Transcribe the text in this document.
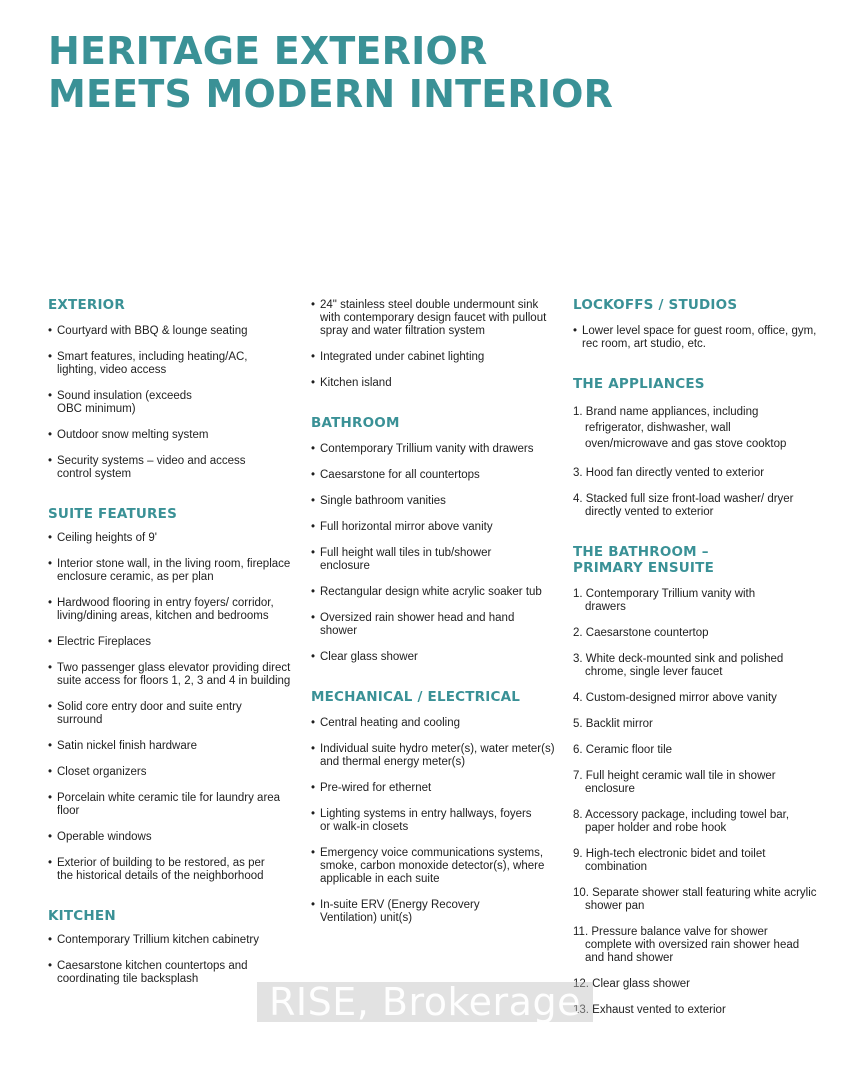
HERITAGE EXTERIOR
MEETS MODERN INTERIOR
EXTERIOR
• Courtyard with BBQ & lounge seating
• Smart features, including heating/AC, lighting, video access
• Sound insulation (exceeds OBC minimum)
• Outdoor snow melting system
• Security systems – video and access control system
SUITE FEATURES
• Ceiling heights of 9'
• Interior stone wall, in the living room, fireplace enclosure ceramic, as per plan
• Hardwood flooring in entry foyers/ corridor, living/dining areas, kitchen and bedrooms
• Electric Fireplaces
• Two passenger glass elevator providing direct suite access for floors 1, 2, 3 and 4 in building
• Solid core entry door and suite entry surround
• Satin nickel finish hardware
• Closet organizers
• Porcelain white ceramic tile for laundry area floor
• Operable windows
• Exterior of building to be restored, as per the historical details of the neighborhood
KITCHEN
• Contemporary Trillium kitchen cabinetry
• Caesarstone kitchen countertops and coordinating tile backsplash
• 24" stainless steel double undermount sink with contemporary design faucet with pullout spray and water filtration system
• Integrated under cabinet lighting
• Kitchen island
BATHROOM
• Contemporary Trillium vanity with drawers
• Caesarstone for all countertops
• Single bathroom vanities
• Full horizontal mirror above vanity
• Full height wall tiles in tub/shower enclosure
• Rectangular design white acrylic soaker tub
• Oversized rain shower head and hand shower
• Clear glass shower
MECHANICAL / ELECTRICAL
• Central heating and cooling
• Individual suite hydro meter(s), water meter(s) and thermal energy meter(s)
• Pre-wired for ethernet
• Lighting systems in entry hallways, foyers or walk-in closets
• Emergency voice communications systems, smoke, carbon monoxide detector(s), where applicable in each suite
• In-suite ERV (Energy Recovery Ventilation) unit(s)
LOCKOFFS / STUDIOS
• Lower level space for guest room, office, gym, rec room, art studio, etc.
THE APPLIANCES
1. Brand name appliances, including refrigerator, dishwasher, wall oven/microwave and gas stove cooktop
3. Hood fan directly vented to exterior
4. Stacked full size front-load washer/ dryer directly vented to exterior
THE BATHROOM –
PRIMARY ENSUITE
1. Contemporary Trillium vanity with drawers
2. Caesarstone countertop
3. White deck-mounted sink and polished chrome, single lever faucet
4. Custom-designed mirror above vanity
5. Backlit mirror
6. Ceramic floor tile
7. Full height ceramic wall tile in shower enclosure
8. Accessory package, including towel bar, paper holder and robe hook
9. High-tech electronic bidet and toilet combination
10. Separate shower stall featuring white acrylic shower pan
11. Pressure balance valve for shower complete with oversized rain shower head and hand shower
12. Clear glass shower
13. Exhaust vented to exterior
RISE, Brokerage
